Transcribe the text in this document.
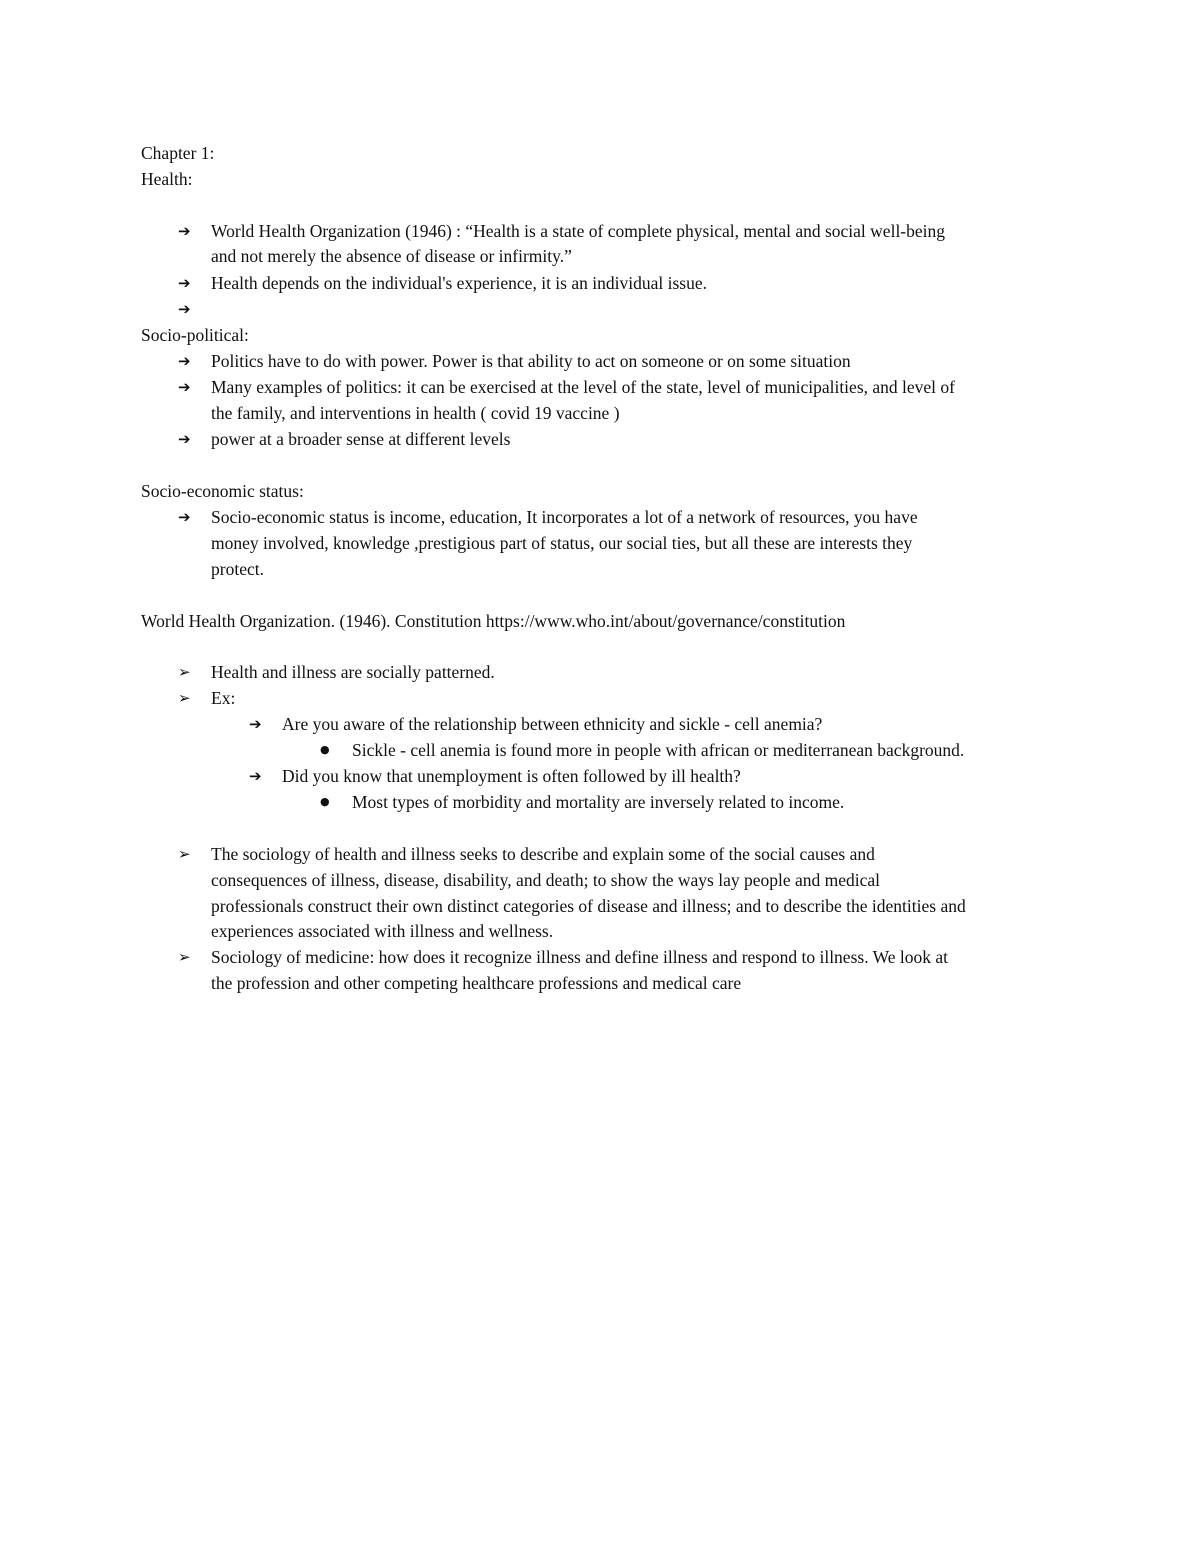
Chapter 1:
Health:
➔	World Health Organization (1946) : “Health is a state of complete physical, mental and social well-being
and not merely the absence of disease or infirmity.”
➔	Health depends on the individual's experience, it is an individual issue.
➔
Socio-political:
➔	Politics have to do with power. Power is that ability to act on someone or on some situation
➔	Many examples of politics: it can be exercised at the level of the state, level of municipalities, and level of
the family, and interventions in health ( covid 19 vaccine )
➔	power at a broader sense at different levels
Socio-economic status:
➔	Socio-economic status is income, education, It incorporates a lot of a network of resources, you have
money involved, knowledge ,prestigious part of status, our social ties, but all these are interests they
protect.
World Health Organization. (1946). Constitution https://www.who.int/about/governance/constitution
➢	Health and illness are socially patterned.
➢	Ex:
➔	Are you aware of the relationship between ethnicity and sickle - cell anemia?
●	Sickle - cell anemia is found more in people with african or mediterranean background.
➔	Did you know that unemployment is often followed by ill health?
●	Most types of morbidity and mortality are inversely related to income.
➢	The sociology of health and illness seeks to describe and explain some of the social causes and
consequences of illness, disease, disability, and death; to show the ways lay people and medical
professionals construct their own distinct categories of disease and illness; and to describe the identities and
experiences associated with illness and wellness.
➢	Sociology of medicine: how does it recognize illness and define illness and respond to illness. We look at
the profession and other competing healthcare professions and medical care
